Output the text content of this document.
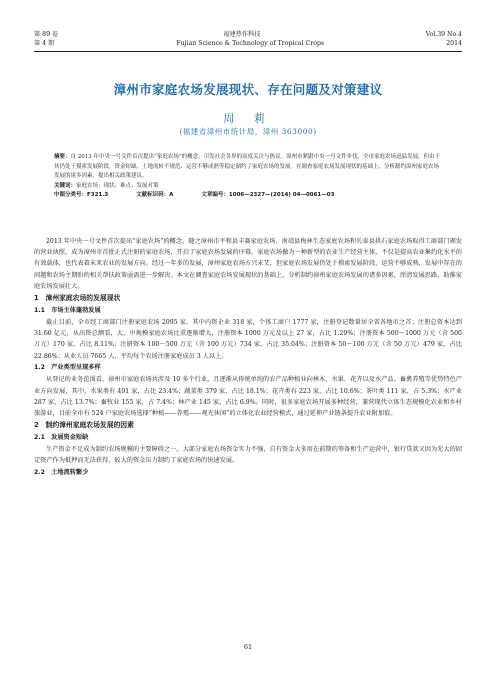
第 89 卷	福建热作科技	Vol.39 No.4
第 4 期	Fujian Science & Technology of Tropical Crops	2014
漳州市家庭农场发展现状、存在问题及对策建议
周 莉
(福建省漳州市统计局，漳州 363000)
摘要：自 2013 年中央一号文件首次提出“家庭农场”的概念，引发社会各界的高度关注与热议。漳州市紧跟中央一号文件步伐，全市家庭农场迅猛发展，但由于其仍处于摸索发展阶段，资金短缺、土地流转不规范、运营不够成熟等稳定制约了家庭农场的发展。在调查家庭农场发展现状的基础上，分析制约漳州家庭农场发展的诸多因素，提出相关政策建议。
关键词：家庭农场；现状；难点；发展对策
中图分类号：F321.3	文献标识码：A	文章编号：1006—2327—(2014) 04—0061—03

2013 年中央一号文件首次提出“家庭农场”的概念，随之漳州市平和县丰赛家庭农场、南靖县梅林生态家庭农场和长泰县拱石家庭农场取得工商部门颁发的营业执照，成为漳州市首批正式注册的家庭农场，开启了家庭农场发展的序幕。家庭农场做为一种新型的农业生产经营主体，不仅是提高农业集约化水平的有效载体，也代表着未来农业的发展方向。经过一年多的发展，漳州家庭农场方兴未艾，但家庭农场发展仍处于摸索发展阶段，运营不够成熟，发展中存在的问题和农场主期盼的相关帮扶政策亟需进一步解决。本文在调查家庭农场发展现状的基础上，分析制约漳州家庭农场发展的诸多因素，厘清发展思路，助推家庭农场发展壮大。

1　漳州家庭农场的发展现状
1.1　市场主体蓬勃发展

截止目前，全市经工商部门注册家庭农场 2095 家，其中内资企业 318 家，个体工商户 1777 家，注册登记数量居全省各地市之首；注册总资本达到 31.60 亿元，从出资总额看，大、中规模家庭农场比重逐渐增大，注册资本 1000 万元及以上 27 家，占比 1.29%；注册资本 500～1000 万元（含 500 万元）170 家，占比 8.11%；注册资本 100～500 万元（含 100 万元）734 家，占比 35.04%；注册资本 50～100 万元（含 50 万元）479 家，占比 22.86%；从业人员 7665 人，平均每个农场注册家庭成员 3 人以上。

1.2　产业类型呈现多样

从登记的业务范围看，漳州市家庭农场共涉及 10 多个行业，且逐渐从传统单纯的农产品种植业向林木、水果、花卉以及水产品、畜禽养殖等优势特色产业方向发展，其中，水果类有 491 家，占比 23.4%；蔬菜类 379 家，占比 18.1%；花卉类有 223 家，占比 10.6%；茶叶类 111 家，占 5.3%；水产业 287 家，占比 13.7%；畜牧业 155 家，占 7.4%；林产业 145 家，占比 6.9%。同时，很多家庭农场开展多种经营，兼营现代立体生态规模化农业和乡村旅游业，目前全市有 524 户家庭农场选择“种植——养殖——观光休闲”的立体化农业经营模式，通过延伸产业链条提升农业附加值。

2　制约漳州家庭农场发展的因素
2.1　发展资金短缺

生产资金不足成为制约农场规模的主要障碍之一。大部分家庭农场资金实力不强，自有资金大多用在前期的筹备和生产运营中，银行贷款又因为无大的固定资产作为抵押而无法获得，较大的资金压力制约了家庭农场的快速发展。

2.2　土地流转繁少
61
